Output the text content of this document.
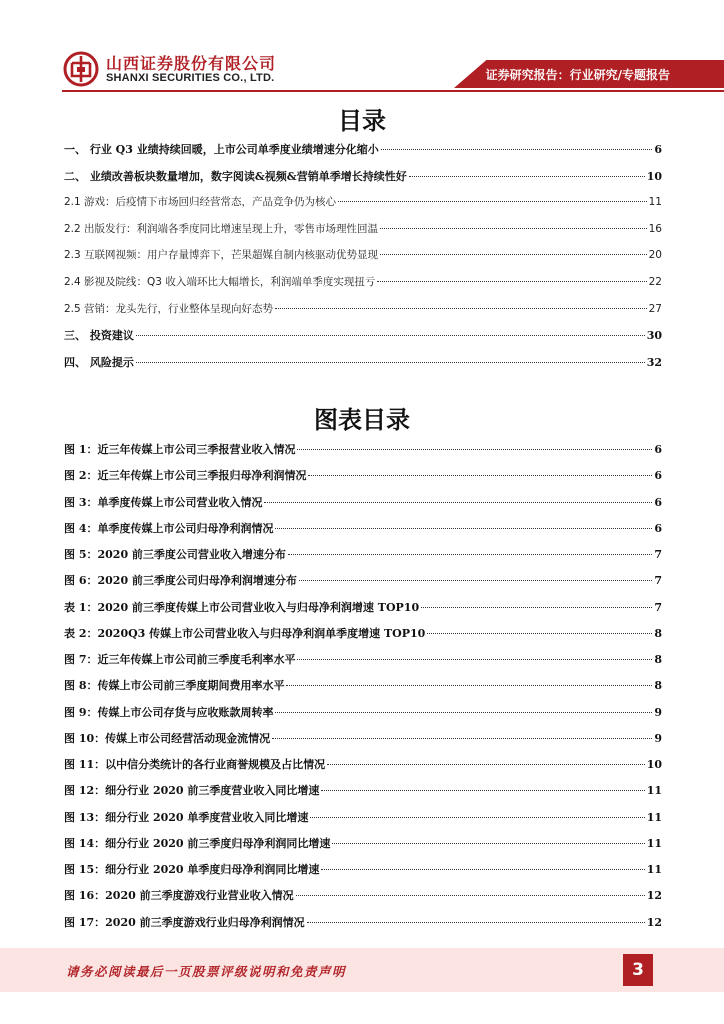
山西证券股份有限公司
SHANXI SECURITIES CO., LTD.	证券研究报告：行业研究/专题报告
目录
一、 行业 Q3 业绩持续回暖，上市公司单季度业绩增速分化缩小	6
二、 业绩改善板块数量增加，数字阅读&视频&营销单季增长持续性好	10
2.1 游戏：后疫情下市场回归经营常态，产品竞争仍为核心	11
2.2 出版发行：利润端各季度同比增速呈现上升，零售市场理性回温	16
2.3 互联网视频：用户存量博弈下，芒果超媒自制内核驱动优势显现	20
2.4 影视及院线：Q3 收入端环比大幅增长，利润端单季度实现扭亏	22
2.5 营销：龙头先行，行业整体呈现向好态势	27
三、 投资建议	30
四、 风险提示	32
图表目录
图 1：近三年传媒上市公司三季报营业收入情况	6
图 2：近三年传媒上市公司三季报归母净利润情况	6
图 3：单季度传媒上市公司营业收入情况	6
图 4：单季度传媒上市公司归母净利润情况	6
图 5：2020 前三季度公司营业收入增速分布	7
图 6：2020 前三季度公司归母净利润增速分布	7
表 1：2020 前三季度传媒上市公司营业收入与归母净利润增速 TOP10	7
表 2：2020Q3 传媒上市公司营业收入与归母净利润单季度增速 TOP10	8
图 7：近三年传媒上市公司前三季度毛利率水平	8
图 8：传媒上市公司前三季度期间费用率水平	8
图 9：传媒上市公司存货与应收账款周转率	9
图 10：传媒上市公司经营活动现金流情况	9
图 11：以中信分类统计的各行业商誉规模及占比情况	10
图 12：细分行业 2020 前三季度营业收入同比增速	11
图 13：细分行业 2020 单季度营业收入同比增速	11
图 14：细分行业 2020 前三季度归母净利润同比增速	11
图 15：细分行业 2020 单季度归母净利润同比增速	11
图 16：2020 前三季度游戏行业营业收入情况	12
图 17：2020 前三季度游戏行业归母净利润情况	12
请务必阅读最后一页股票评级说明和免责声明	3
